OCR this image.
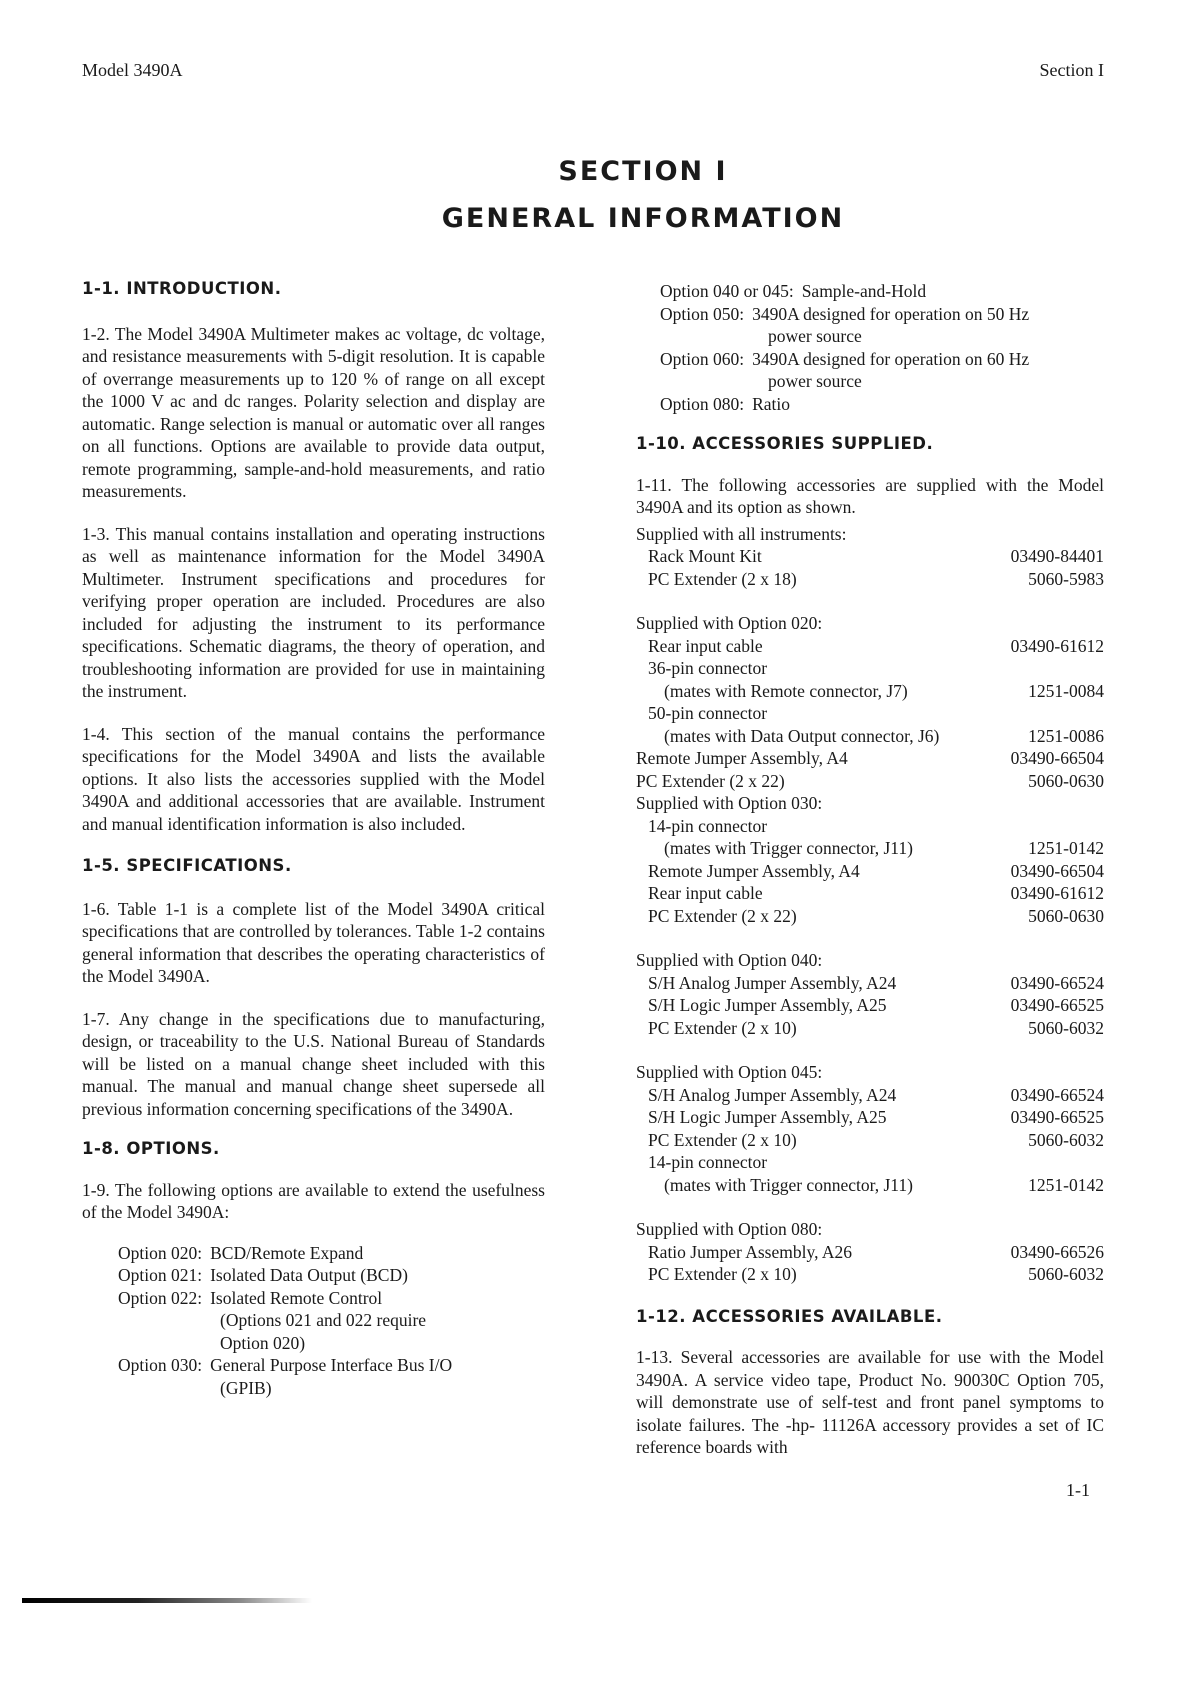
Model 3490A	Section I
SECTION I
GENERAL INFORMATION
1-1. INTRODUCTION.

1-2. The Model 3490A Multimeter makes ac voltage, dc voltage, and resistance measurements with 5-digit resolution. It is capable of overrange measurements up to 120 % of range on all except the 1000 V ac and dc ranges. Polarity selection and display are automatic. Range selection is manual or automatic over all ranges on all functions. Options are available to provide data output, remote programming, sample-and-hold measurements, and ratio measurements.

1-3. This manual contains installation and operating instructions as well as maintenance information for the Model 3490A Multimeter. Instrument specifications and procedures for verifying proper operation are included. Procedures are also included for adjusting the instrument to its performance specifications. Schematic diagrams, the theory of operation, and troubleshooting information are provided for use in maintaining the instrument.

1-4. This section of the manual contains the performance specifications for the Model 3490A and lists the available options. It also lists the accessories supplied with the Model 3490A and additional accessories that are available. Instrument and manual identification information is also included.

1-5. SPECIFICATIONS.

1-6. Table 1-1 is a complete list of the Model 3490A critical specifications that are controlled by tolerances. Table 1-2 contains general information that describes the operating characteristics of the Model 3490A.

1-7. Any change in the specifications due to manufacturing, design, or traceability to the U.S. National Bureau of Standards will be listed on a manual change sheet included with this manual. The manual and manual change sheet supersede all previous information concerning specifications of the 3490A.

1-8. OPTIONS.

1-9. The following options are available to extend the usefulness of the Model 3490A:

Option 020: BCD/Remote Expand
Option 021: Isolated Data Output (BCD)
Option 022: Isolated Remote Control
(Options 021 and 022 require
Option 020)
Option 030: General Purpose Interface Bus I/O
(GPIB)
Option 040 or 045: Sample-and-Hold
Option 050: 3490A designed for operation on 50 Hz
power source
Option 060: 3490A designed for operation on 60 Hz
power source
Option 080: Ratio
1-10. ACCESSORIES SUPPLIED.

1-11. The following accessories are supplied with the Model 3490A and its option as shown.

Supplied with all instruments:
Rack Mount Kit	03490-84401
PC Extender (2 x 18)	5060-5983
Supplied with Option 020:
Rear input cable	03490-61612
36-pin connector
(mates with Remote connector, J7)	1251-0084
50-pin connector
(mates with Data Output connector, J6)	1251-0086
Remote Jumper Assembly, A4	03490-66504
PC Extender (2 x 22)	5060-0630
Supplied with Option 030:
14-pin connector
(mates with Trigger connector, J11)	1251-0142
Remote Jumper Assembly, A4	03490-66504
Rear input cable	03490-61612
PC Extender (2 x 22)	5060-0630
Supplied with Option 040:
S/H Analog Jumper Assembly, A24	03490-66524
S/H Logic Jumper Assembly, A25	03490-66525
PC Extender (2 x 10)	5060-6032
Supplied with Option 045:
S/H Analog Jumper Assembly, A24	03490-66524
S/H Logic Jumper Assembly, A25	03490-66525
PC Extender (2 x 10)	5060-6032
14-pin connector
(mates with Trigger connector, J11)	1251-0142
Supplied with Option 080:
Ratio Jumper Assembly, A26	03490-66526
PC Extender (2 x 10)	5060-6032
1-12. ACCESSORIES AVAILABLE.

1-13. Several accessories are available for use with the Model 3490A. A service video tape, Product No. 90030C Option 705, will demonstrate use of self-test and front panel symptoms to isolate failures. The -hp- 11126A accessory provides a set of IC reference boards with

1-1
